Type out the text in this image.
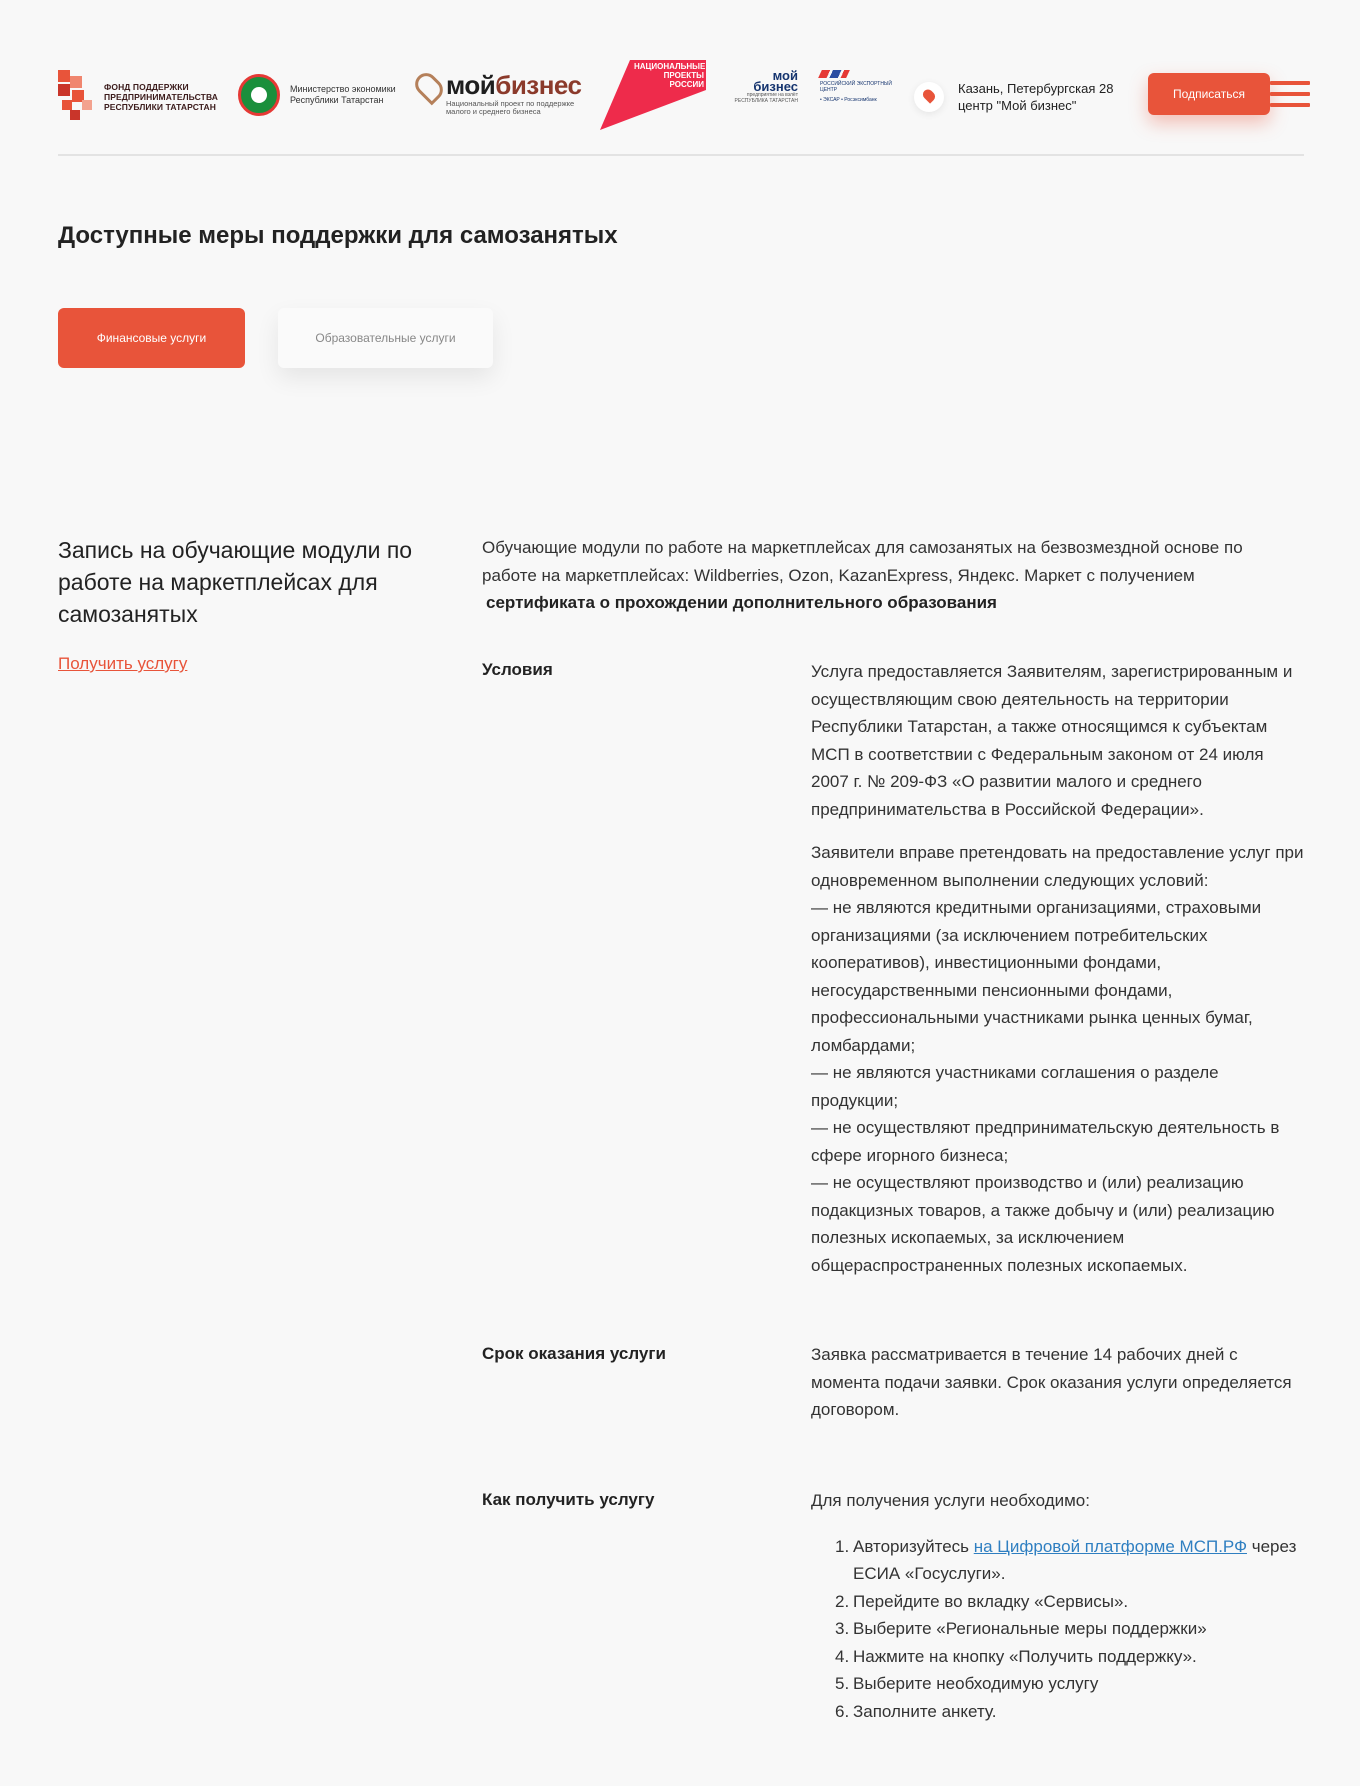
ФОНД ПОДДЕРЖКИ
ПРЕДПРИНИМАТЕЛЬСТВА
РЕСПУБЛИКИ ТАТАРСТАН
Министерство экономики
Республики Татарстан	мойбизнес
Национальный проект по поддержке малого и среднего бизнеса
НАЦИОНАЛЬНЫЕ ПРОЕКТЫ РОССИИ
мой
бизнес
предприятие на взлёт РЕСПУБЛИКА ТАТАРСТАН
РОССИЙСКИЙ ЭКСПОРТНЫЙ ЦЕНТР
• ЭКСАР • Росэксимбанк
Казань, Петербургская 28
центр "Мой бизнес"
Подписаться
Доступные меры поддержки для самозанятых
Финансовые услуги	Образовательные услуги
Запись на обучающие модули по работе на маркетплейсах для самозанятых
Получить услугу
Обучающие модули по работе на маркетплейсах для самозанятых на безвозмездной основе по работе на маркетплейсах: Wildberries, Ozon, KazanExpress, Яндекс. Маркет с получением
сертификата о прохождении дополнительного образования
Условия	Услуга предоставляется Заявителям, зарегистрированным и осуществляющим свою деятельность на территории Республики Татарстан, а также относящимся к субъектам МСП в соответствии с Федеральным законом от 24 июля 2007 г. № 209-ФЗ «О развитии малого и среднего предпринимательства в Российской Федерации».

Заявители вправе претендовать на предоставление услуг при одновременном выполнении следующих условий:
— не являются кредитными организациями, страховыми организациями (за исключением потребительских кооперативов), инвестиционными фондами, негосударственными пенсионными фондами, профессиональными участниками рынка ценных бумаг, ломбардами;
— не являются участниками соглашения о разделе продукции;
— не осуществляют предпринимательскую деятельность в сфере игорного бизнеса;
— не осуществляют производство и (или) реализацию подакцизных товаров, а также добычу и (или) реализацию полезных ископаемых, за исключением общераспространенных полезных ископаемых.
Срок оказания услуги	Заявка рассматривается в течение 14 рабочих дней с момента подачи заявки. Срок оказания услуги определяется договором.
Как получить услугу	Для получения услуги необходимо:
1. Авторизуйтесь на Цифровой платформе МСП.РФ через ЕСИА «Госуслуги».
2. Перейдите во вкладку «Сервисы».
3. Выберите «Региональные меры поддержки»
4. Нажмите на кнопку «Получить поддержку».
5. Выберите необходимую услугу
6. Заполните анкету.
